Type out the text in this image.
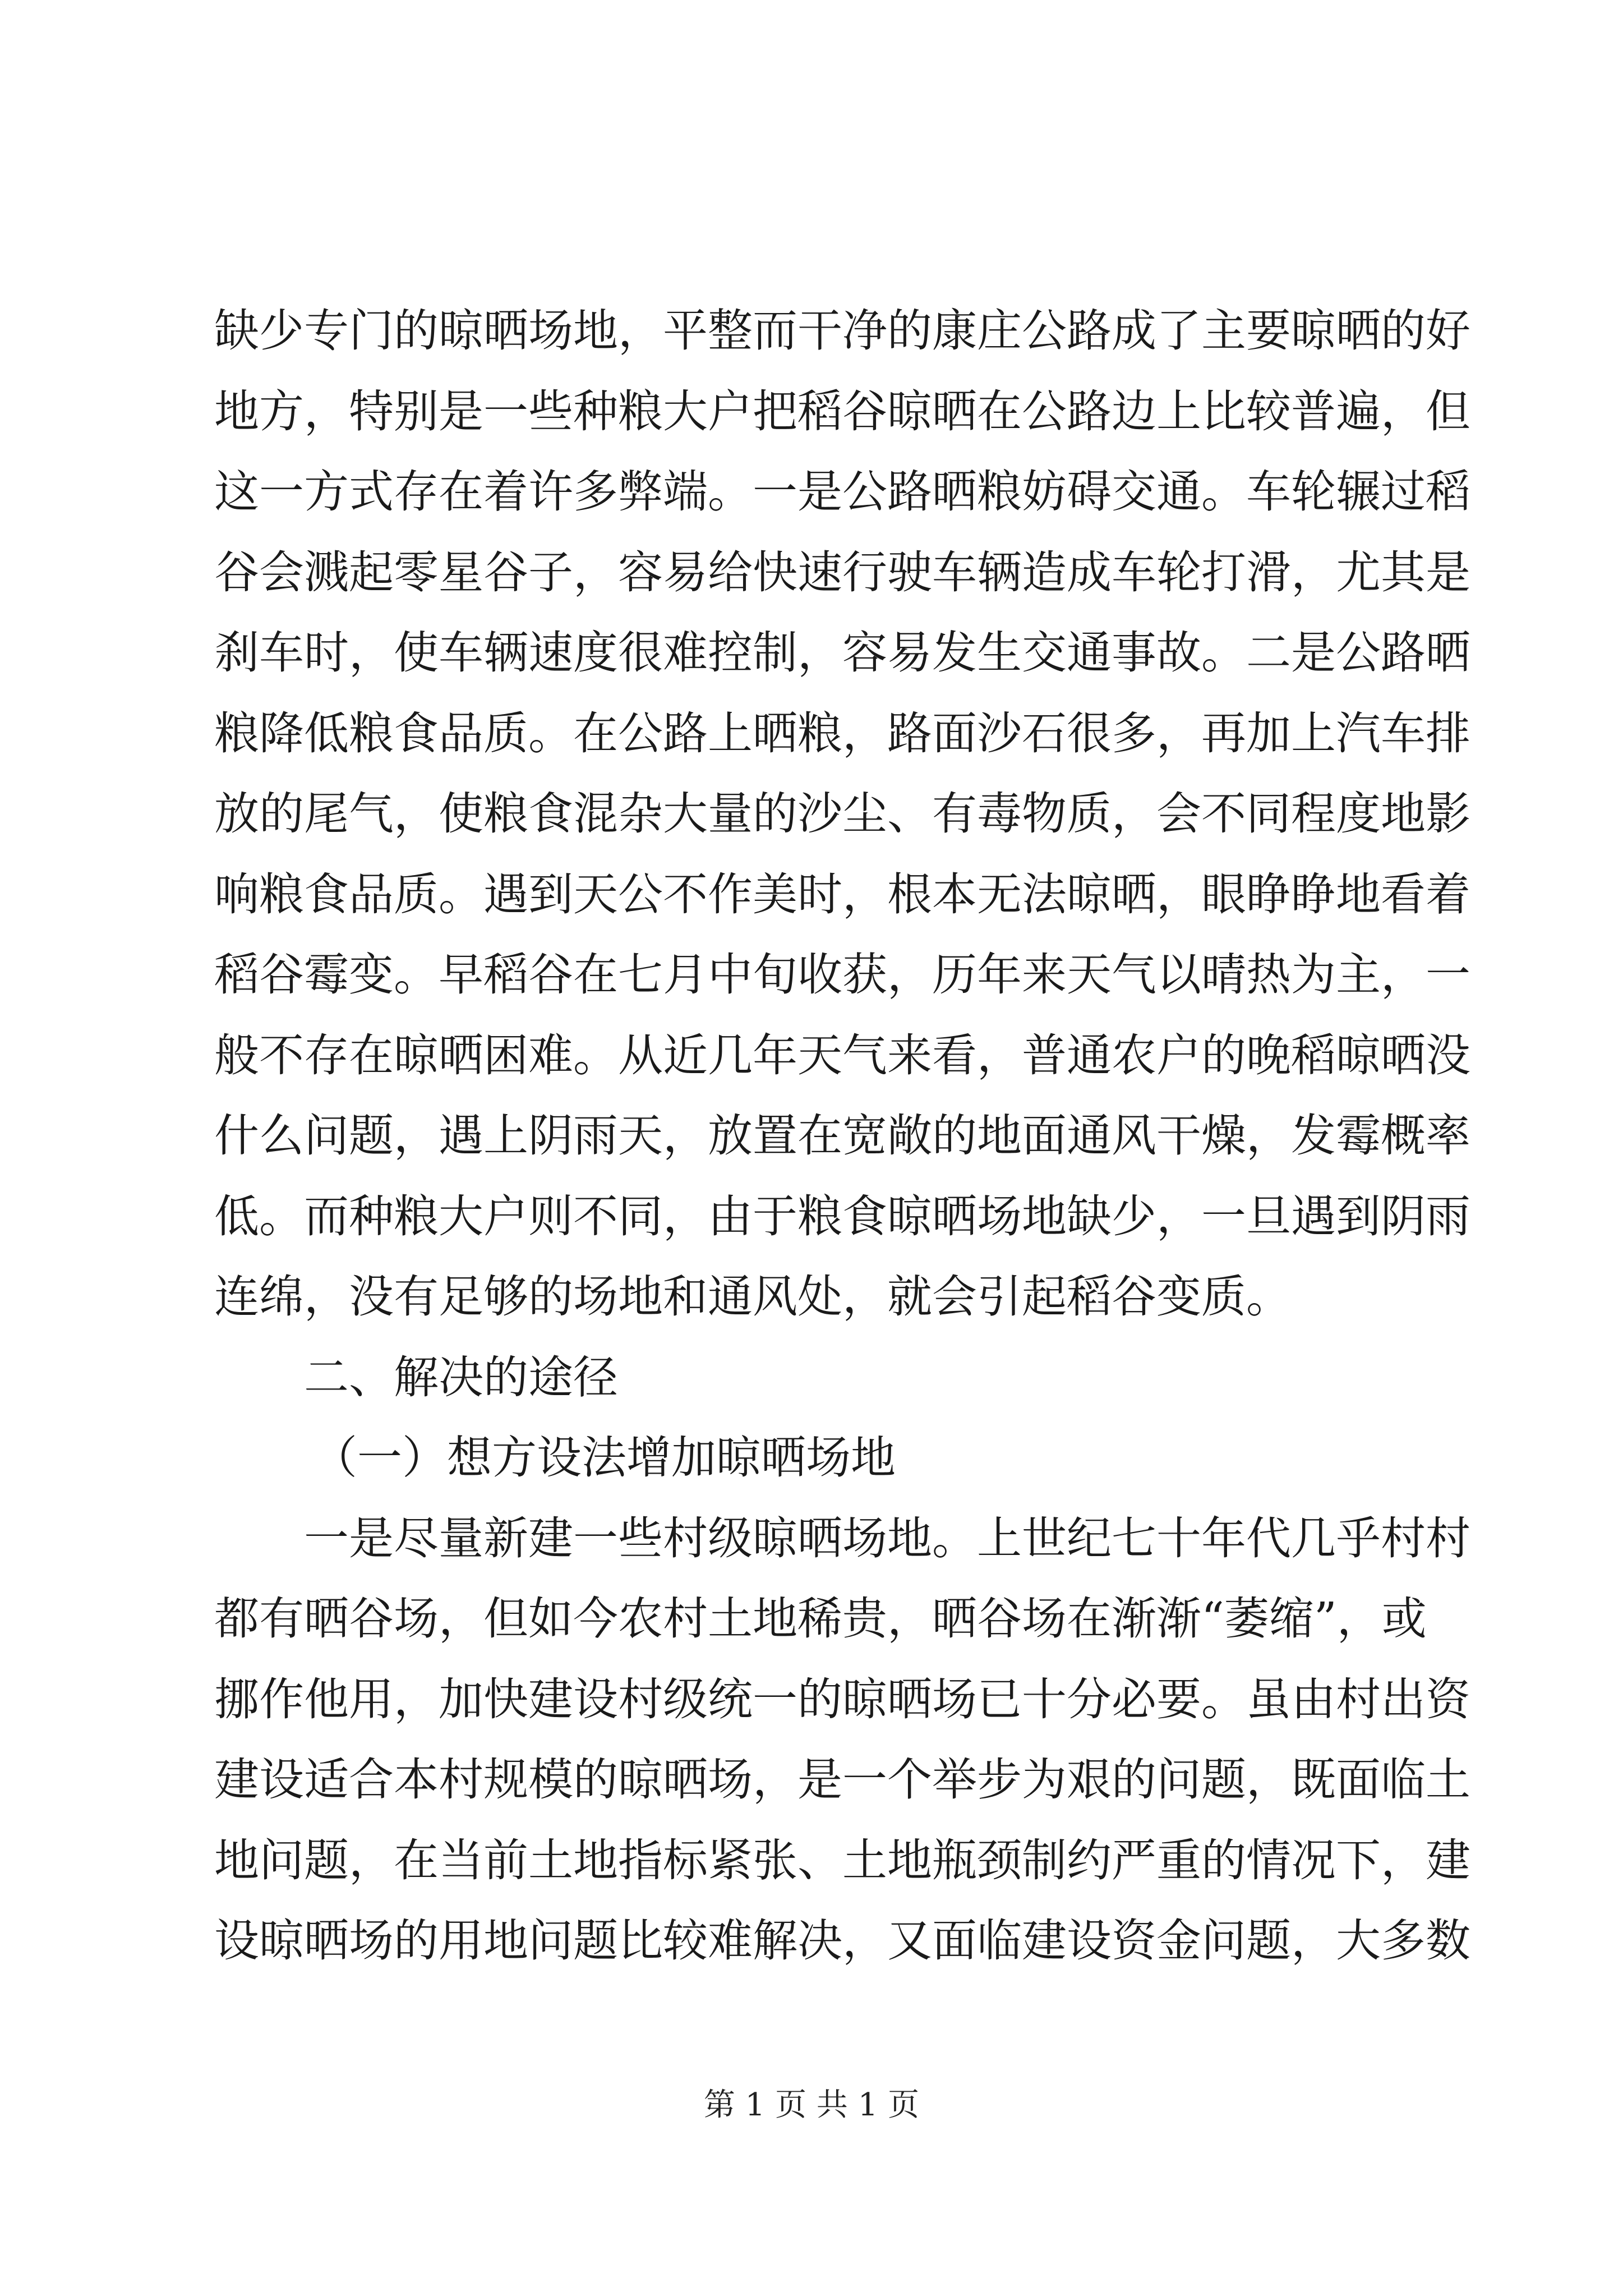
缺少专门的晾晒场地，平整而干净的康庄公路成了主要晾晒的好
地方，特别是一些种粮大户把稻谷晾晒在公路边上比较普遍，但
这一方式存在着许多弊端。一是公路晒粮妨碍交通。车轮辗过稻
谷会溅起零星谷子，容易给快速行驶车辆造成车轮打滑，尤其是
刹车时，使车辆速度很难控制，容易发生交通事故。二是公路晒
粮降低粮食品质。在公路上晒粮，路面沙石很多，再加上汽车排
放的尾气，使粮食混杂大量的沙尘、有毒物质，会不同程度地影
响粮食品质。遇到天公不作美时，根本无法晾晒，眼睁睁地看着
稻谷霉变。早稻谷在七月中旬收获，历年来天气以晴热为主，一
般不存在晾晒困难。从近几年天气来看，普通农户的晚稻晾晒没
什么问题，遇上阴雨天，放置在宽敞的地面通风干燥，发霉概率
低。而种粮大户则不同，由于粮食晾晒场地缺少，一旦遇到阴雨
连绵，没有足够的场地和通风处，就会引起稻谷变质。
二、解决的途径
（一）想方设法增加晾晒场地
一是尽量新建一些村级晾晒场地。上世纪七十年代几乎村村
都有晒谷场，但如今农村土地稀贵，晒谷场在渐渐“萎缩”，或
挪作他用，加快建设村级统一的晾晒场已十分必要。虽由村出资
建设适合本村规模的晾晒场，是一个举步为艰的问题，既面临土
地问题，在当前土地指标紧张、土地瓶颈制约严重的情况下，建
设晾晒场的用地问题比较难解决，又面临建设资金问题，大多数
第 1 页 共 1 页
